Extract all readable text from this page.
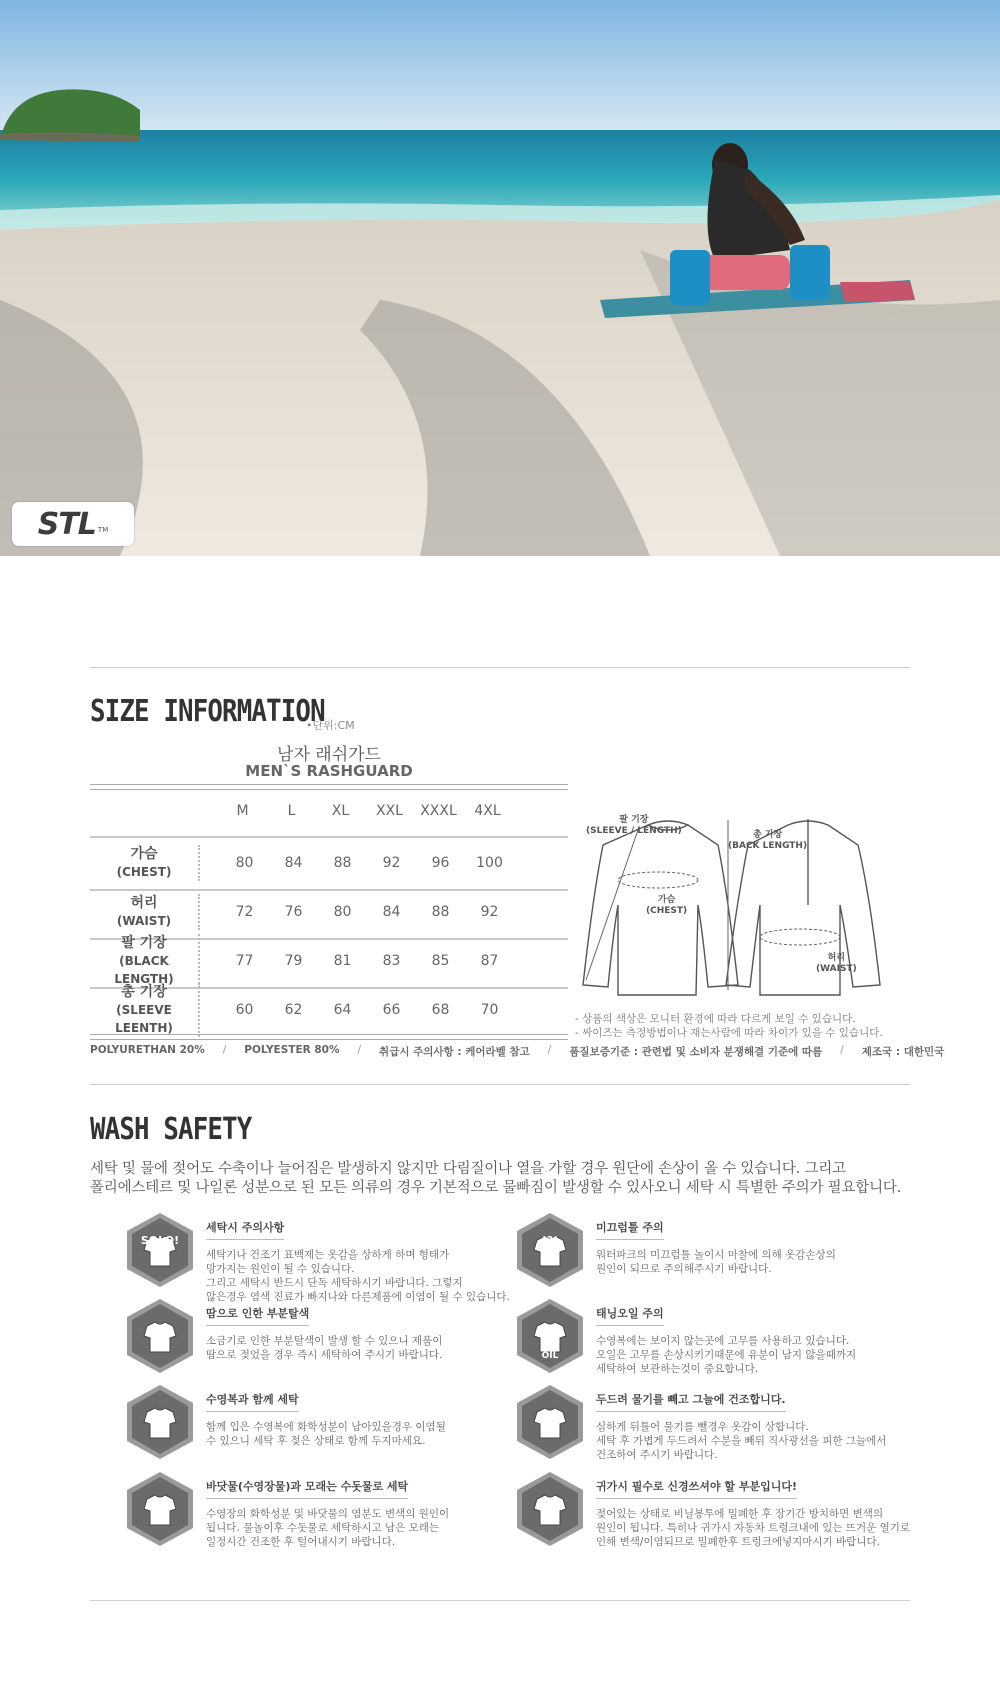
STL TM
SIZE INFORMATION
•단위:CM
남자 래쉬가드
MEN`S RASHGUARD
M	L	XL	XXL	XXXL	4XL
가슴
(CHEST)
80	84	88	92	96	100
허리
(WAIST)
72	76	80	84	88	92
팔 기장
(BLACK LENGTH)
77	79	81	83	85	87
총 기장
(SLEEVE LEENTH)
60	62	64	66	68	70
팔 기장
(SLEEVE / LENGTH)	총 기장
(BACK LENGTH)
가슴
(CHEST)
허리
(WAIST)
- 상품의 색상은 모니터 환경에 따라 다르게 보일 수 있습니다.
- 싸이즈는 측정방법이나 재는사람에 따라 차이가 있을 수 있습니다.
POLYURETHAN 20% / POLYESTER 80% / 취급시 주의사항 : 케어라벨 참고 / 품질보증기준 : 관련법 및 소비자 분쟁해결 기준에 따름 / 제조국 : 대한민국
WASH SAFETY
세탁 및 물에 젖어도 수축이나 늘어짐은 발생하지 않지만 다림질이나 열을 가할 경우 원단에 손상이 올 수 있습니다. 그리고
폴리에스테르 및 나일론 성분으로 된 모든 의류의 경우 기본적으로 물빠짐이 발생할 수 있사오니 세탁 시 특별한 주의가 필요합니다.
SOLO!
세탁시 주의사항
세탁기나 건조기 표백제는 옷감을 상하게 하며 형태가
망가지는 원인이 될 수 있습니다.
그리고 세탁시 반드시 단독 세탁하시기 바랍니다. 그렇지
않은경우 염색 진료가 빠지나와 다른제품에 이염이 될 수 있습니다.
!?!
미끄럼틀 주의
워터파크의 미끄럼틀 놀이시 마찰에 의해 옷감손상의
원인이 되므로 주의해주시기 바랍니다.
땀으로 인한 부분탈색
소금기로 인한 부분탈색이 발생 할 수 있으니 제품이
땀으로 젖었을 경우 즉시 세탁하여 주시기 바랍니다.	OIL
태닝오일 주의
수영복에는 보이지 않는곳에 고무를 사용하고 있습니다.
오일은 고무를 손상시키기때문에 유분이 남지 않을때까지
세탁하여 보관하는것이 중요합니다.
수영복과 함께 세탁
함께 입은 수영복에 화학성분이 남아있을경우 이염될
수 있으니 세탁 후 젖은 상태로 함께 두지마세요.
두드려 물기를 빼고 그늘에 건조합니다.
심하게 뒤틀어 물기를 뺄경우 옷감이 상합니다.
세탁 후 가볍게 두드려서 수분을 빼뒤 직사광선을 피한 그늘에서
건조하여 주시기 바랍니다.
바닷물(수영장물)과 모래는 수돗물로 세탁
수영장의 화학성분 및 바닷물의 염분도 변색의 원인이
됩니다. 물놀이후 수돗물로 세탁하시고 남은 모래는
일정시간 건조한 후 털어내시기 바랍니다.
귀가시 필수로 신경쓰셔야 할 부분입니다!
젖어있는 상태로 비닐봉투에 밀폐한 후 장기간 방치하면 변색의
원인이 됩니다. 특히나 귀가시 자동차 트렁크내에 있는 뜨거운 열기로
인해 변색/이염되므로 밀폐한후 트렁크에넣지마시기 바랍니다.
